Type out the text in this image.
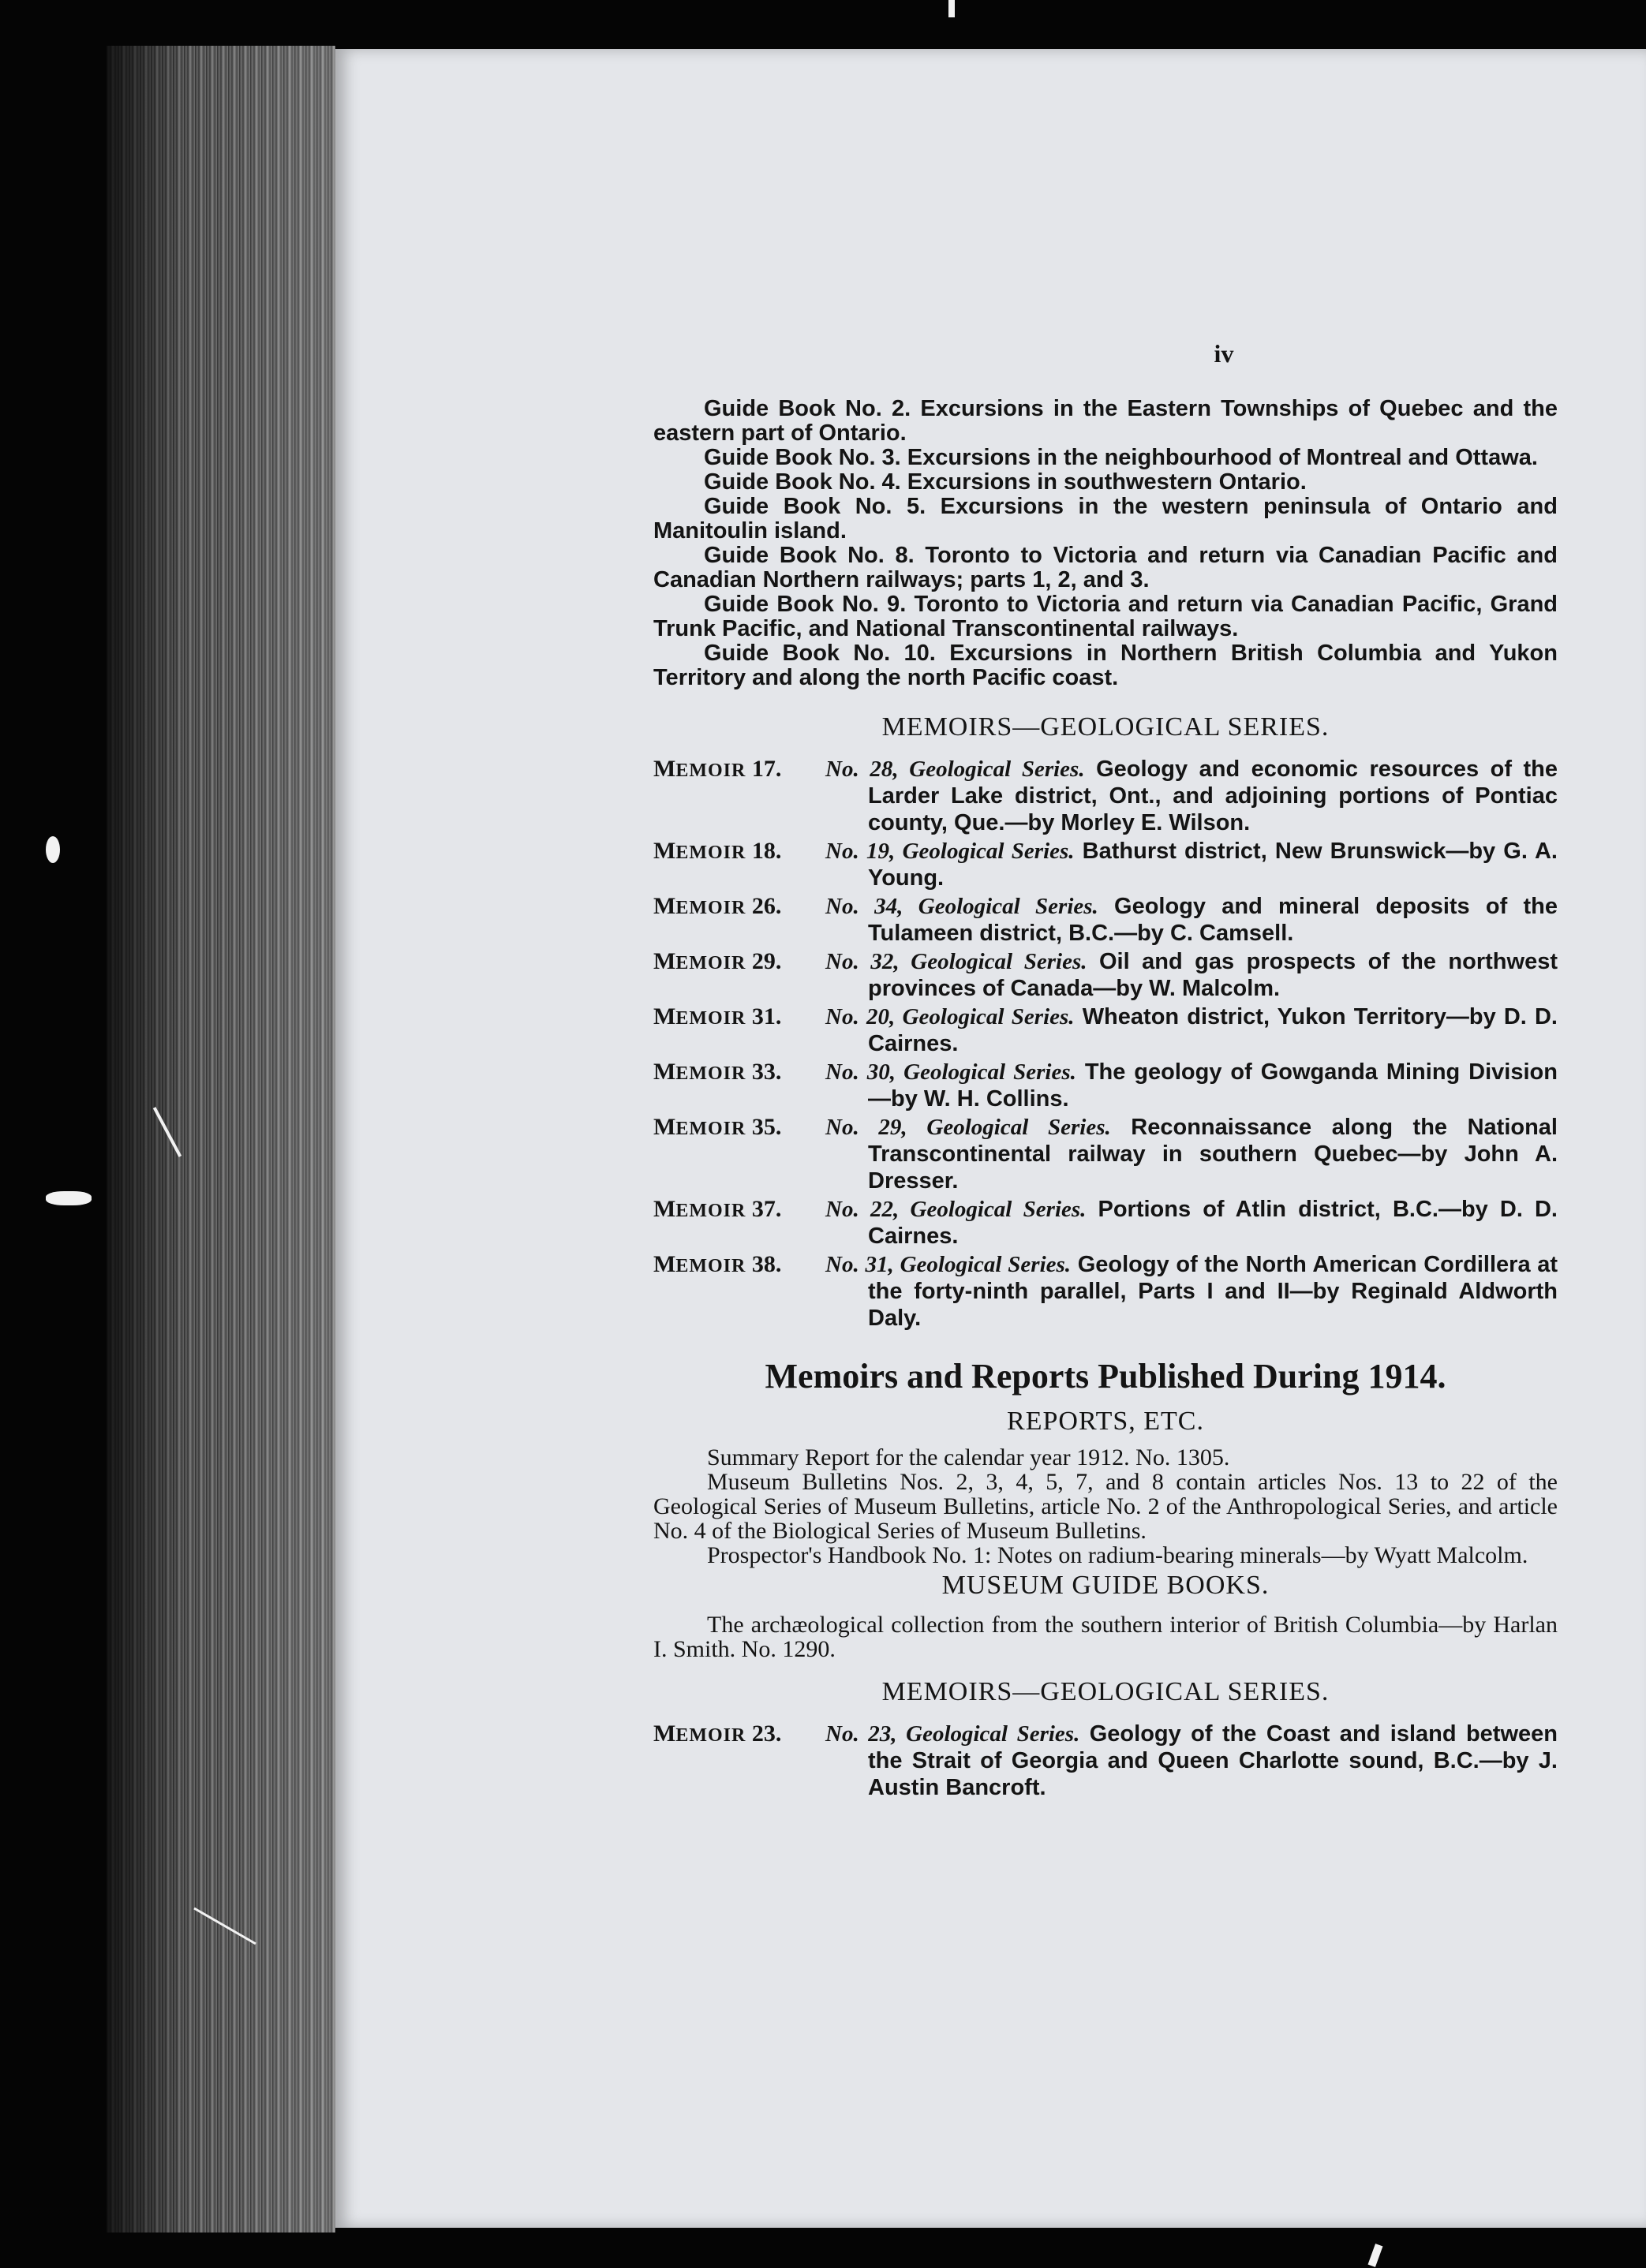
iv

Guide Book No. 2. Excursions in the Eastern Townships of Quebec and the eastern part of Ontario.

Guide Book No. 3. Excursions in the neighbourhood of Montreal and Ottawa.

Guide Book No. 4. Excursions in southwestern Ontario.

Guide Book No. 5. Excursions in the western peninsula of Ontario and Manitoulin island.

Guide Book No. 8. Toronto to Victoria and return via Canadian Pacific and Canadian Northern railways; parts 1, 2, and 3.

Guide Book No. 9. Toronto to Victoria and return via Canadian Pacific, Grand Trunk Pacific, and National Transcontinental railways.

Guide Book No. 10. Excursions in Northern British Columbia and Yukon Territory and along the north Pacific coast.

MEMOIRS—GEOLOGICAL SERIES.
MEMOIR 17.	No. 28, Geological Series. Geology and economic resources of the Larder Lake district, Ont., and adjoining portions of Pontiac county, Que.—by Morley E. Wilson.
MEMOIR 18.	No. 19, Geological Series. Bathurst district, New Brunswick—by G. A. Young.
MEMOIR 26.	No. 34, Geological Series. Geology and mineral deposits of the Tulameen district, B.C.—by C. Camsell.
MEMOIR 29.	No. 32, Geological Series. Oil and gas prospects of the northwest provinces of Canada—by W. Malcolm.
MEMOIR 31.	No. 20, Geological Series. Wheaton district, Yukon Territory—by D. D. Cairnes.
MEMOIR 33.	No. 30, Geological Series. The geology of Gowganda Mining Division—by W. H. Collins.
MEMOIR 35.	No. 29, Geological Series. Reconnaissance along the National Transcontinental railway in southern Quebec—by John A. Dresser.
MEMOIR 37.	No. 22, Geological Series. Portions of Atlin district, B.C.—by D. D. Cairnes.
MEMOIR 38.	No. 31, Geological Series. Geology of the North American Cordillera at the forty-ninth parallel, Parts I and II—by Reginald Aldworth Daly.
Memoirs and Reports Published During 1914.
REPORTS, ETC.

Summary Report for the calendar year 1912. No. 1305.

Museum Bulletins Nos. 2, 3, 4, 5, 7, and 8 contain articles Nos. 13 to 22 of the Geological Series of Museum Bulletins, article No. 2 of the Anthropological Series, and article No. 4 of the Biological Series of Museum Bulletins.

Prospector's Handbook No. 1: Notes on radium-bearing minerals—by Wyatt Malcolm.

MUSEUM GUIDE BOOKS.

The archæological collection from the southern interior of British Columbia—by Harlan I. Smith. No. 1290.

MEMOIRS—GEOLOGICAL SERIES.
MEMOIR 23.	No. 23, Geological Series. Geology of the Coast and island between the Strait of Georgia and Queen Charlotte sound, B.C.—by J. Austin Bancroft.
